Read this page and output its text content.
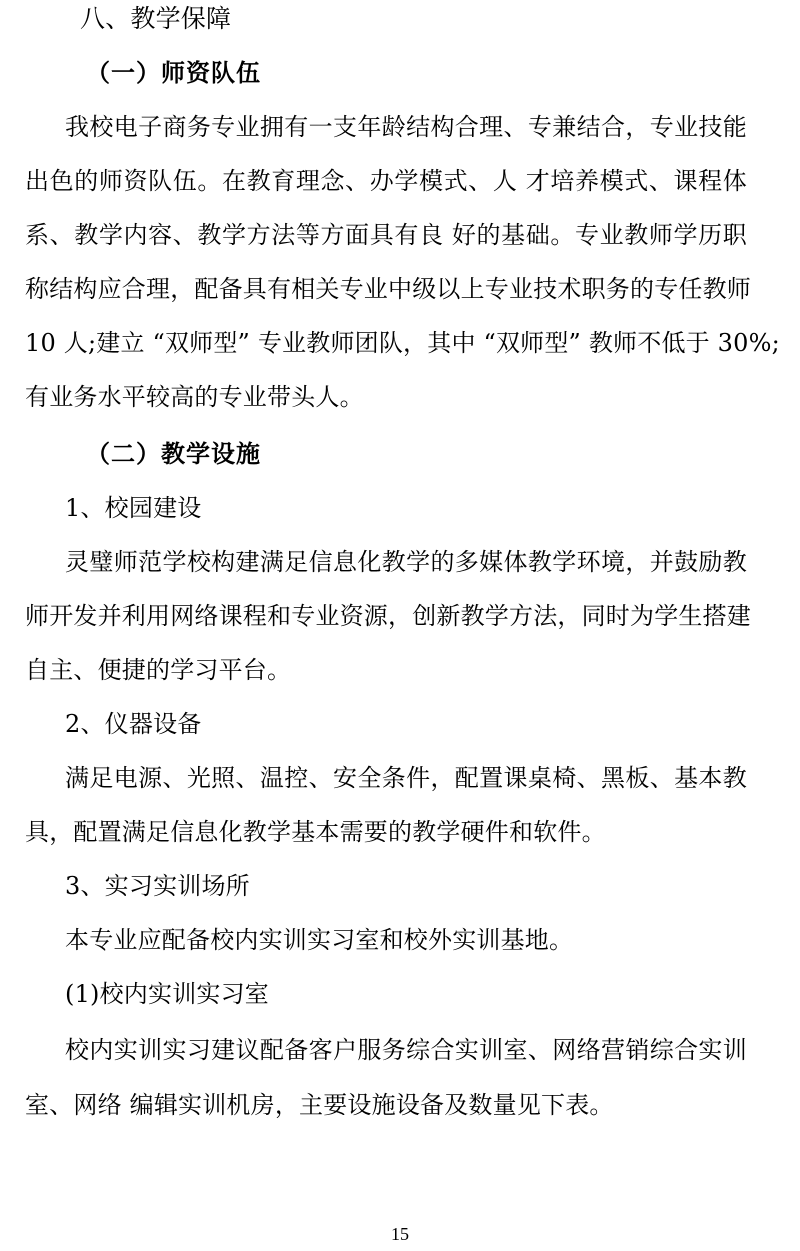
八、教学保障
（一）师资队伍
我校电子商务专业拥有一支年龄结构合理、专兼结合，专业技能
出色的师资队伍。在教育理念、办学模式、人 才培养模式、课程体
系、教学内容、教学方法等方面具有良 好的基础。专业教师学历职
称结构应合理，配备具有相关专业中级以上专业技术职务的专任教师
10 人;建立 “双师型” 专业教师团队，其中 “双师型” 教师不低于 30%;
有业务水平较高的专业带头人。
（二）教学设施
1、校园建设
灵璧师范学校构建满足信息化教学的多媒体教学环境，并鼓励教
师开发并利用网络课程和专业资源，创新教学方法，同时为学生搭建
自主、便捷的学习平台。
2、仪器设备
满足电源、光照、温控、安全条件，配置课桌椅、黑板、基本教
具，配置满足信息化教学基本需要的教学硬件和软件。
3、实习实训场所
本专业应配备校内实训实习室和校外实训基地。
(1)校内实训实习室
校内实训实习建议配备客户服务综合实训室、网络营销综合实训
室、网络 编辑实训机房，主要设施设备及数量见下表。
15
